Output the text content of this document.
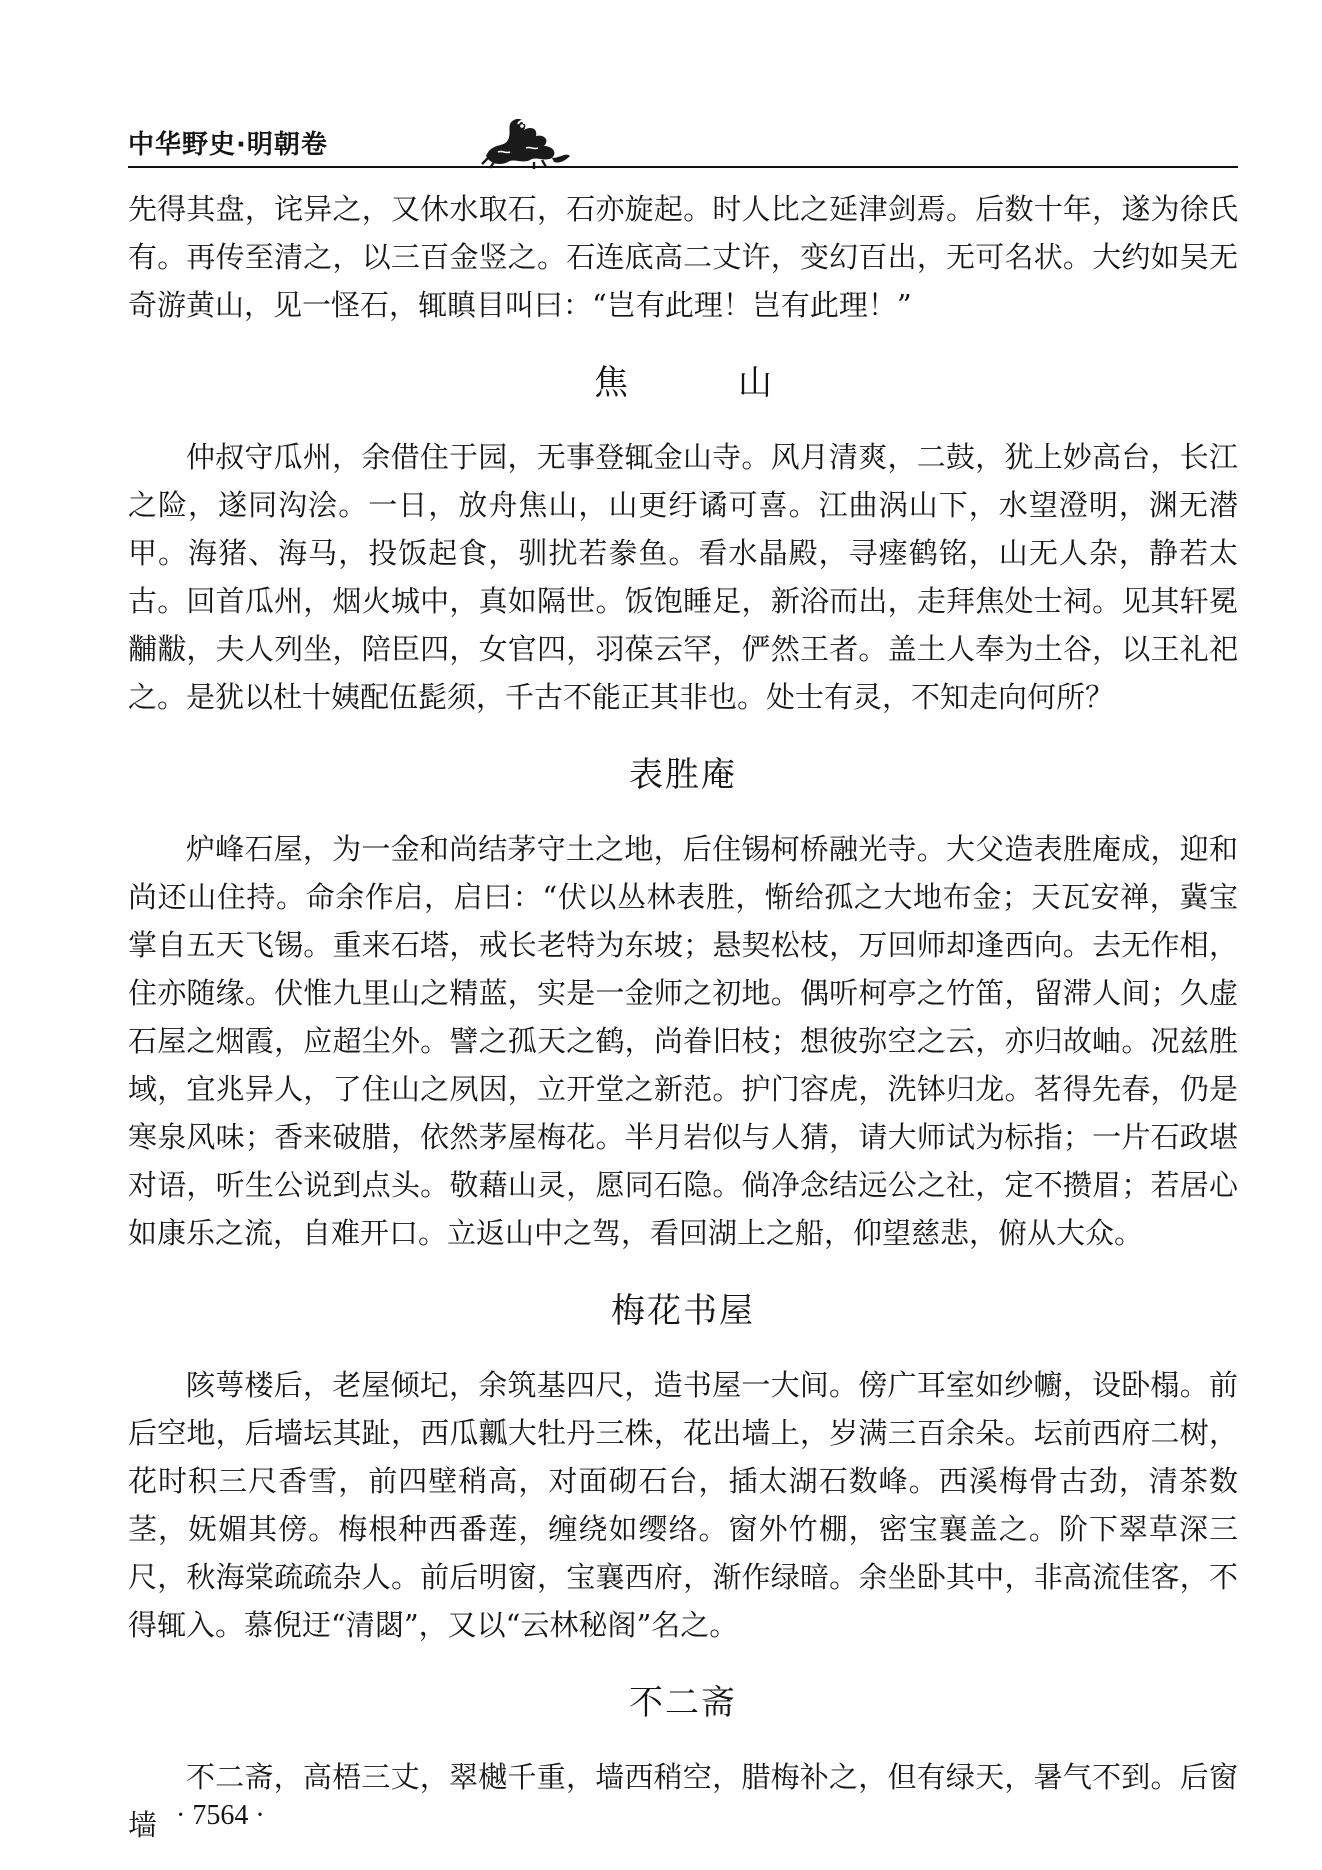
中华野史·明朝卷

先得其盘，诧异之，又休水取石，石亦旋起。时人比之延津剑焉。后数十年，遂为徐氏有。再传至清之，以三百金竖之。石连底高二丈许，变幻百出，无可名状。大约如吴无奇游黄山，见一怪石，辄瞋目叫曰：“岂有此理！岂有此理！”

焦　山

仲叔守瓜州，余借住于园，无事登辄金山寺。风月清爽，二鼓，犹上妙高台，长江之险，遂同沟浍。一日，放舟焦山，山更纡谲可喜。江曲涡山下，水望澄明，渊无潜甲。海猪、海马，投饭起食，驯扰若豢鱼。看水晶殿，寻瘗鹤铭，山无人杂，静若太古。回首瓜州，烟火城中，真如隔世。饭饱睡足，新浴而出，走拜焦处士祠。见其轩冕黼黻，夫人列坐，陪臣四，女官四，羽葆云罕，俨然王者。盖土人奉为土谷，以王礼祀之。是犹以杜十姨配伍髭须，千古不能正其非也。处士有灵，不知走向何所？

表胜庵

炉峰石屋，为一金和尚结茅守土之地，后住锡柯桥融光寺。大父造表胜庵成，迎和尚还山住持。命余作启，启曰：“伏以丛林表胜，惭给孤之大地布金；天瓦安禅，冀宝掌自五天飞锡。重来石塔，戒长老特为东坡；悬契松枝，万回师却逢西向。去无作相，住亦随缘。伏惟九里山之精蓝，实是一金师之初地。偶听柯亭之竹笛，留滞人间；久虚石屋之烟霞，应超尘外。譬之孤天之鹤，尚眷旧枝；想彼弥空之云，亦归故岫。况兹胜域，宜兆异人，了住山之夙因，立开堂之新范。护门容虎，洗钵归龙。茗得先春，仍是寒泉风味；香来破腊，依然茅屋梅花。半月岩似与人猜，请大师试为标指；一片石政堪对语，听生公说到点头。敬藉山灵，愿同石隐。倘净念结远公之社，定不攒眉；若居心如康乐之流，自难开口。立返山中之驾，看回湖上之船，仰望慈悲，俯从大众。

梅花书屋

陔萼楼后，老屋倾圮，余筑基四尺，造书屋一大间。傍广耳室如纱幮，设卧榻。前后空地，后墙坛其趾，西瓜瓤大牡丹三株，花出墙上，岁满三百余朵。坛前西府二树，花时积三尺香雪，前四壁稍高，对面砌石台，插太湖石数峰。西溪梅骨古劲，清茶数茎，妩媚其傍。梅根种西番莲，缠绕如缨络。窗外竹棚，密宝襄盖之。阶下翠草深三尺，秋海棠疏疏杂人。前后明窗，宝襄西府，渐作绿暗。余坐卧其中，非高流佳客，不得辄入。慕倪迂“清閟”，又以“云林秘阁”名之。

不二斋

不二斋，高梧三丈，翠樾千重，墙西稍空，腊梅补之，但有绿天，暑气不到。后窗墙 · 7564 ·
